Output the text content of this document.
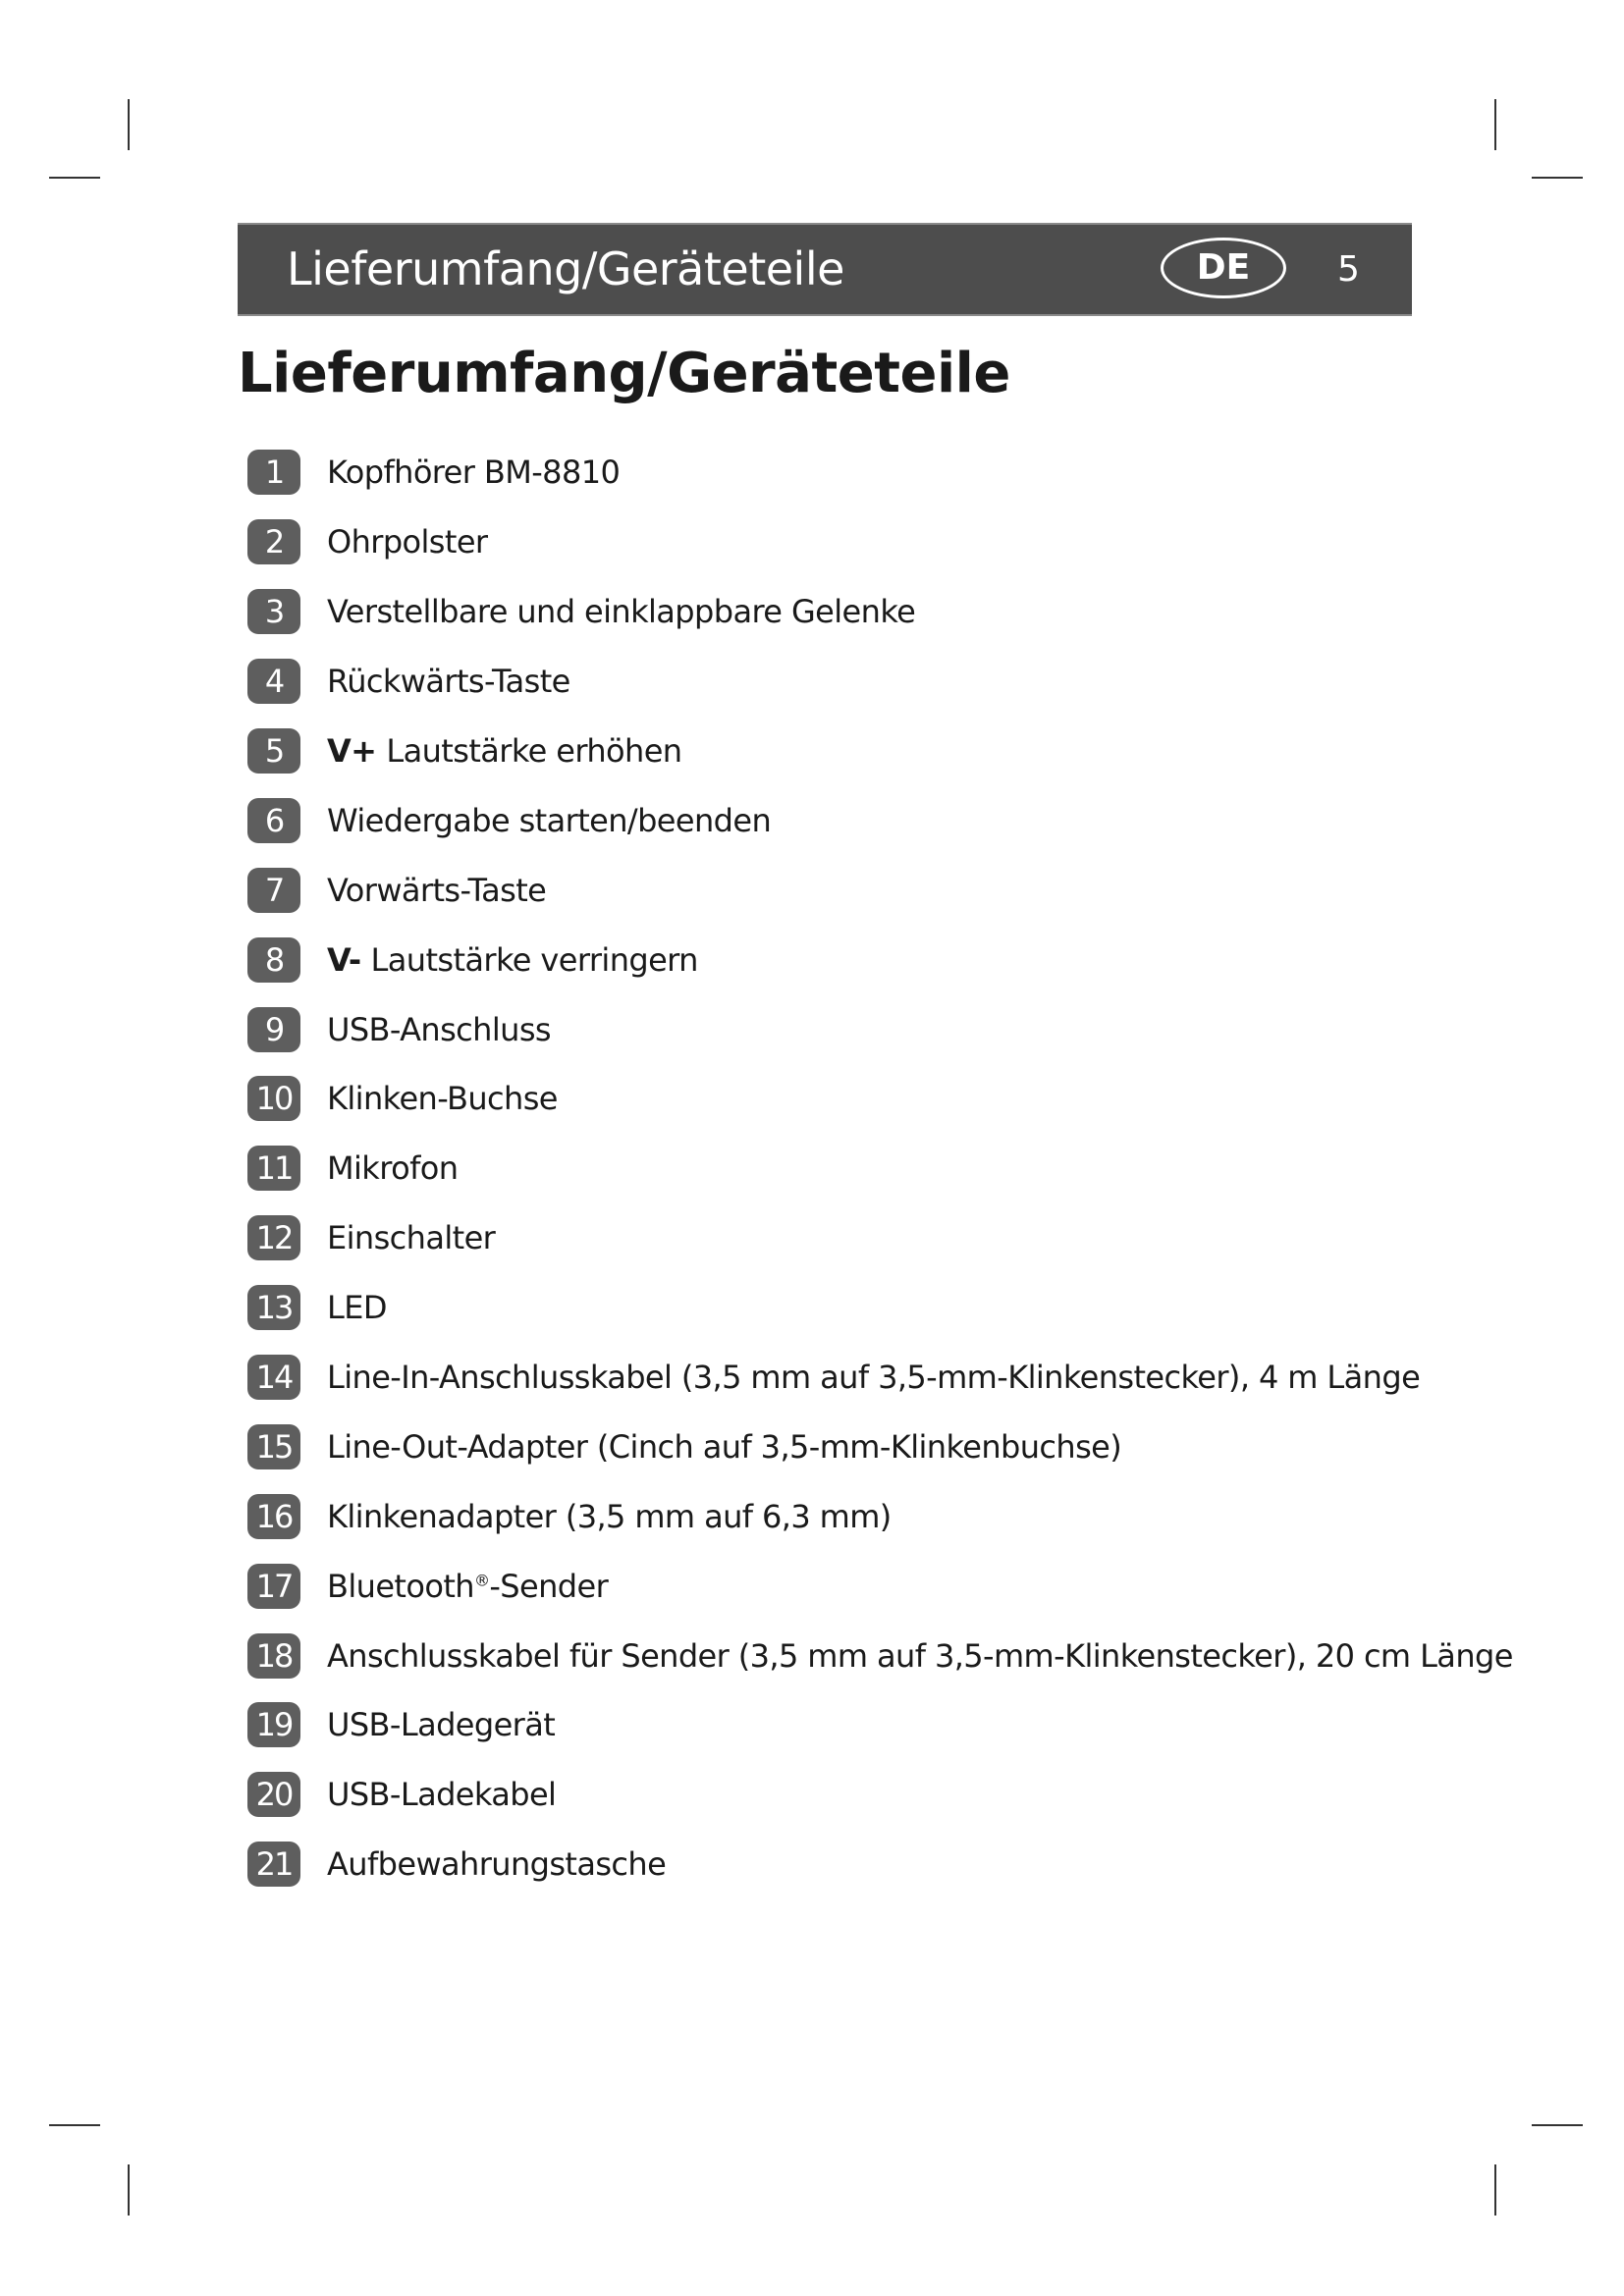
Lieferumfang/Geräteteile	DE	5
Lieferumfang/Geräteteile
1	Kopfhörer BM-8810
2	Ohrpolster
3	Verstellbare und einklappbare Gelenke
4	Rückwärts-Taste
5	V+ Lautstärke erhöhen
6	Wiedergabe starten/beenden
7	Vorwärts-Taste
8	V- Lautstärke verringern
9	USB-Anschluss
10 Klinken-Buchse
11 Mikrofon
12 Einschalter
13 LED
14 Line-In-Anschlusskabel (3,5 mm auf 3,5-mm-Klinkenstecker), 4 m Länge
15 Line-Out-Adapter (Cinch auf 3,5-mm-Klinkenbuchse)
16 Klinkenadapter (3,5 mm auf 6,3 mm)
17 Bluetooth®-Sender
18 Anschlusskabel für Sender (3,5 mm auf 3,5-mm-Klinkenstecker), 20 cm Länge
19 USB-Ladegerät
20 USB-Ladekabel
21 Aufbewahrungstasche
